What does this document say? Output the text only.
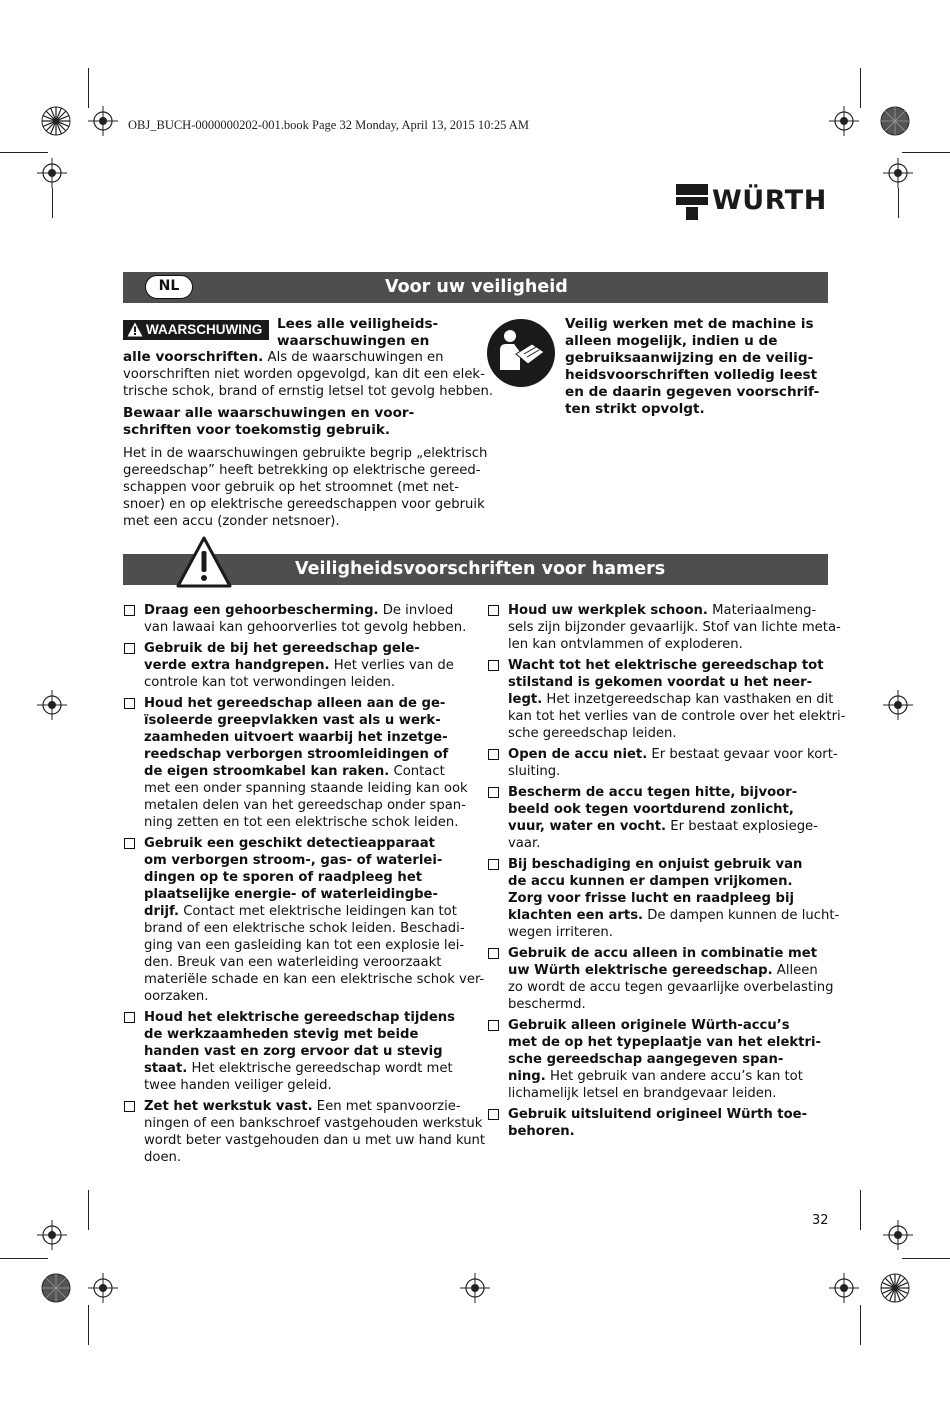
OBJ_BUCH-0000000202-001.book Page 32 Monday, April 13, 2015 10:25 AM
WÜRTH
NL	Voor uw veiligheid
WAARSCHUWING Lees alle veiligheids-
waarschuwingen en
alle voorschriften. Als de waarschuwingen en
voorschriften niet worden opgevolgd, kan dit een elek-
trische schok, brand of ernstig letsel tot gevolg hebben.
Bewaar alle waarschuwingen en voor-
schriften voor toekomstig gebruik.
Het in de waarschuwingen gebruikte begrip „elektrisch
gereedschap” heeft betrekking op elektrische gereed-
schappen voor gebruik op het stroomnet (met net-
snoer) en op elektrische gereedschappen voor gebruik
met een accu (zonder netsnoer).
Veilig werken met de machine is
alleen mogelijk, indien u de
gebruiksaanwijzing en de veilig-
heidsvoorschriften volledig leest
en de daarin gegeven voorschrif-
ten strikt opvolgt.
Veiligheidsvoorschriften voor hamers
Draag een gehoorbescherming. De invloed
van lawaai kan gehoorverlies tot gevolg hebben.
Gebruik de bij het gereedschap gele-
verde extra handgrepen. Het verlies van de
controle kan tot verwondingen leiden.
Houd het gereedschap alleen aan de ge-
ïsoleerde greepvlakken vast als u werk-
zaamheden uitvoert waarbij het inzetge-
reedschap verborgen stroomleidingen of
de eigen stroomkabel kan raken. Contact
met een onder spanning staande leiding kan ook
metalen delen van het gereedschap onder span-
ning zetten en tot een elektrische schok leiden.
Gebruik een geschikt detectieapparaat
om verborgen stroom-, gas- of waterlei-
dingen op te sporen of raadpleeg het
plaatselijke energie- of waterleidingbe-
drijf. Contact met elektrische leidingen kan tot
brand of een elektrische schok leiden. Beschadi-
ging van een gasleiding kan tot een explosie lei-
den. Breuk van een waterleiding veroorzaakt
materiële schade en kan een elektrische schok ver-
oorzaken.
Houd het elektrische gereedschap tijdens
de werkzaamheden stevig met beide
handen vast en zorg ervoor dat u stevig
staat. Het elektrische gereedschap wordt met
twee handen veiliger geleid.
Zet het werkstuk vast. Een met spanvoorzie-
ningen of een bankschroef vastgehouden werkstuk
wordt beter vastgehouden dan u met uw hand kunt
doen.
Houd uw werkplek schoon. Materiaalmeng-
sels zijn bijzonder gevaarlijk. Stof van lichte meta-
len kan ontvlammen of exploderen.
Wacht tot het elektrische gereedschap tot
stilstand is gekomen voordat u het neer-
legt. Het inzetgereedschap kan vasthaken en dit
kan tot het verlies van de controle over het elektri-
sche gereedschap leiden.
Open de accu niet. Er bestaat gevaar voor kort-
sluiting.
Bescherm de accu tegen hitte, bijvoor-
beeld ook tegen voortdurend zonlicht,
vuur, water en vocht. Er bestaat explosiege-
vaar.
Bij beschadiging en onjuist gebruik van
de accu kunnen er dampen vrijkomen.
Zorg voor frisse lucht en raadpleeg bij
klachten een arts. De dampen kunnen de lucht-
wegen irriteren.
Gebruik de accu alleen in combinatie met
uw Würth elektrische gereedschap. Alleen
zo wordt de accu tegen gevaarlijke overbelasting
beschermd.
Gebruik alleen originele Würth-accu’s
met de op het typeplaatje van het elektri-
sche gereedschap aangegeven span-
ning. Het gebruik van andere accu’s kan tot
lichamelijk letsel en brandgevaar leiden.
Gebruik uitsluitend origineel Würth toe-
behoren.
32
